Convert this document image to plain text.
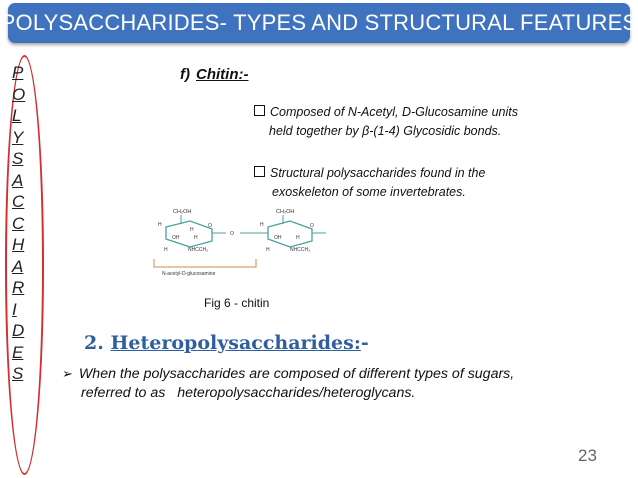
POLYSACCHARIDES- TYPES AND STRUCTURAL FEATURES
P
O
L
Y
S
A
C
C
H
A
R
I
D
E
S
f) Chitin:-
Composed of N-Acetyl, D-Glucosamine units
held together by β-(1-4) Glycosidic bonds.
Structural polysaccharides found in the
exoskeleton of some invertebrates.
CH₂OH	CH₂OH
H
H
O
O
OH	H
H	NHCCH₃
H	O
OH	H
H	NHCCH₃
N-acetyl-D-glucosamine
Fig 6 - chitin
2. Heteropolysaccharides:-
➢ When the polysaccharides are composed of different types of sugars,
referred to as   heteropolysaccharides/heteroglycans.
23
